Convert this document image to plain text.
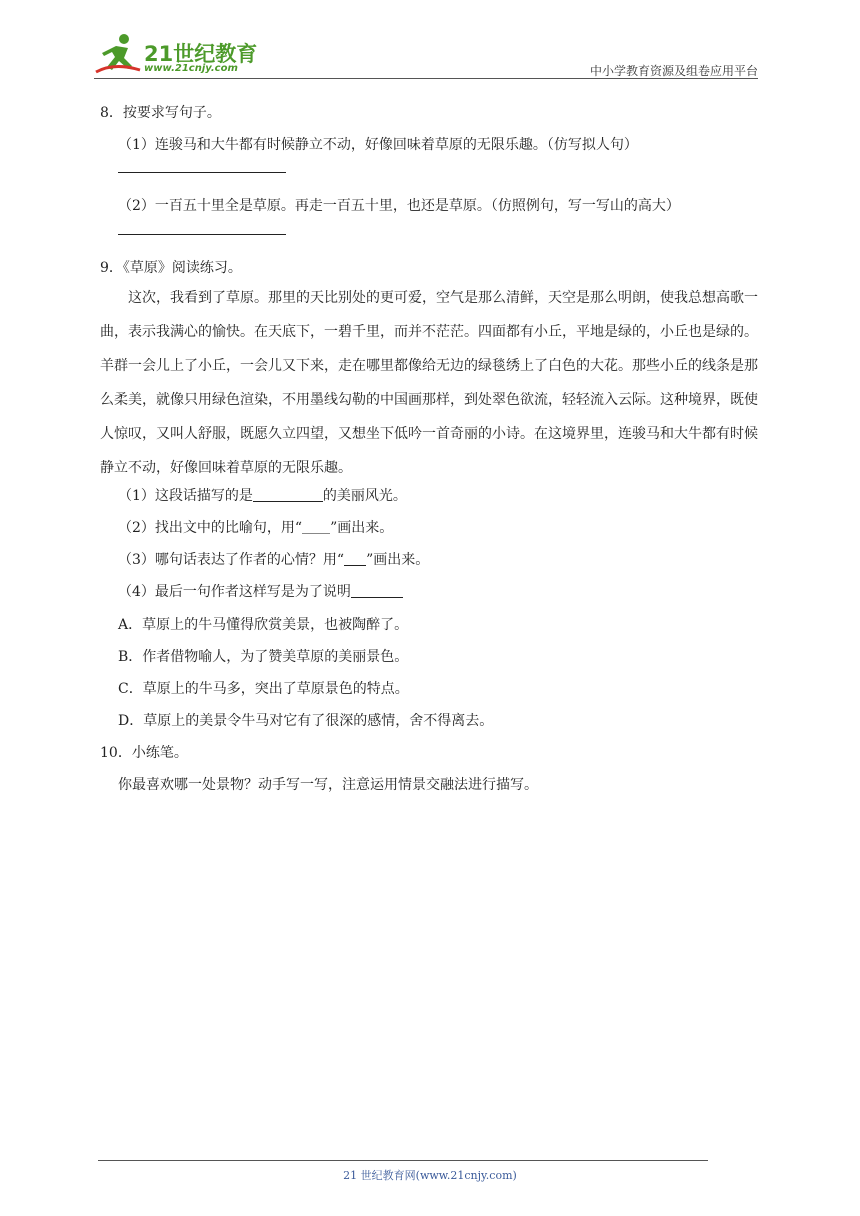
21世纪教育
www.21cnjy.com	中小学教育资源及组卷应用平台

8．按要求写句子。

（1）连骏马和大牛都有时候静立不动，好像回味着草原的无限乐趣。（仿写拟人句）

（2）一百五十里全是草原。再走一百五十里，也还是草原。（仿照例句，写一写山的高大）

9．《草原》阅读练习。

这次，我看到了草原。那里的天比别处的更可爱，空气是那么清鲜，天空是那么明朗，使我总想高歌一曲，表示我满心的愉快。在天底下，一碧千里，而并不茫茫。四面都有小丘，平地是绿的，小丘也是绿的。羊群一会儿上了小丘，一会儿又下来，走在哪里都像给无边的绿毯绣上了白色的大花。那些小丘的线条是那么柔美，就像只用绿色渲染，不用墨线勾勒的中国画那样，到处翠色欲流，轻轻流入云际。这种境界，既使人惊叹，又叫人舒服，既愿久立四望，又想坐下低吟一首奇丽的小诗。在这境界里，连骏马和大牛都有时候静立不动，好像回味着草原的无限乐趣。

（1）这段话描写的是	的美丽风光。

（2）找出文中的比喻句，用“ ”画出来。

（3）哪句话表达了作者的心情？用“ ”画出来。

（4）最后一句作者这样写是为了说明

A．草原上的牛马懂得欣赏美景，也被陶醉了。

B．作者借物喻人，为了赞美草原的美丽景色。

C．草原上的牛马多，突出了草原景色的特点。

D．草原上的美景令牛马对它有了很深的感情，舍不得离去。

10．小练笔。

你最喜欢哪一处景物？动手写一写，注意运用情景交融法进行描写。

21 世纪教育网(www.21cnjy.com)
